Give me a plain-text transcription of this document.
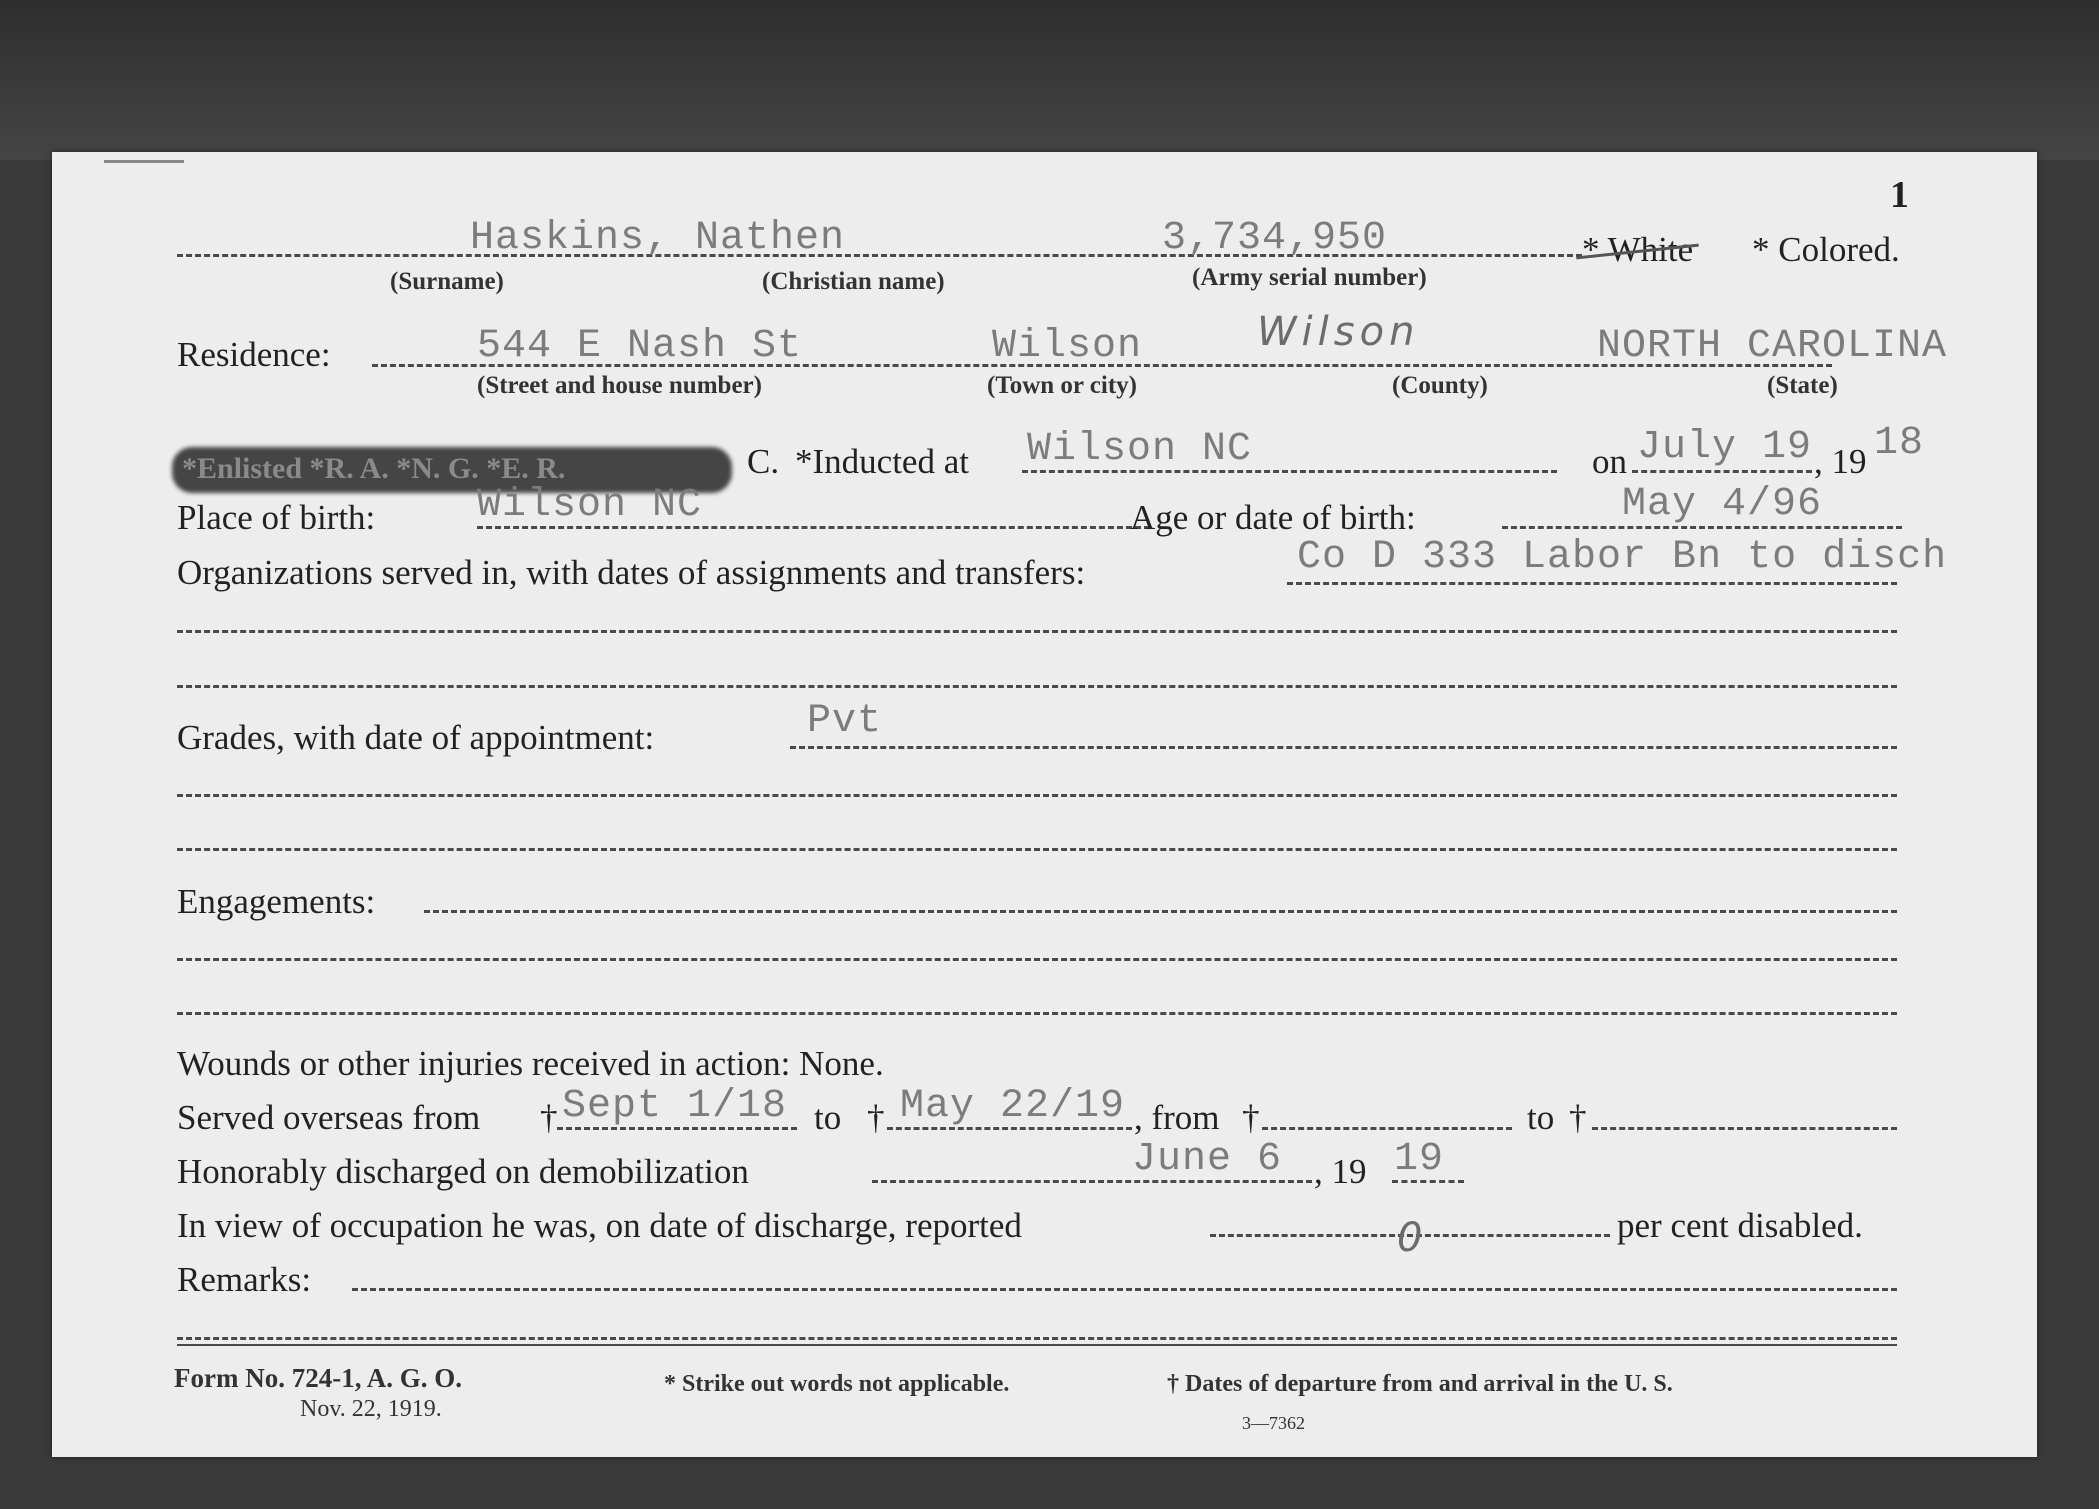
1
Haskins, Nathen	3,734,950	* White * Colored.
(Surname)	(Christian name)	(Army serial number)
Residence:	544 E Nash St	Wilson	Wilson	NORTH CAROLINA
(Street and house number)	(Town or city)	(County)	(State)
*Enlisted *R. A. *N. G. *E. R.	C. *Inducted at Wilson NC	on July 19 , 19 18
Place of birth:	Wilson NC	Age or date of birth:	May 4/96
Organizations served in, with dates of assignments and transfers:	Co D 333 Labor Bn to disch
Grades, with date of appointment:	Pvt
Engagements:
Wounds or other injuries received in action: None.
Served overseas from † Sept 1/18 to † May 22/19 , from †	to †
Honorably discharged on demobilization	June 6 , 19 19
In view of occupation he was, on date of discharge, reported	0	per cent disabled.
Remarks:
Form No. 724-1, A. G. O.
Nov. 22, 1919.
* Strike out words not applicable.	† Dates of departure from and arrival in the U. S.
3—7362
